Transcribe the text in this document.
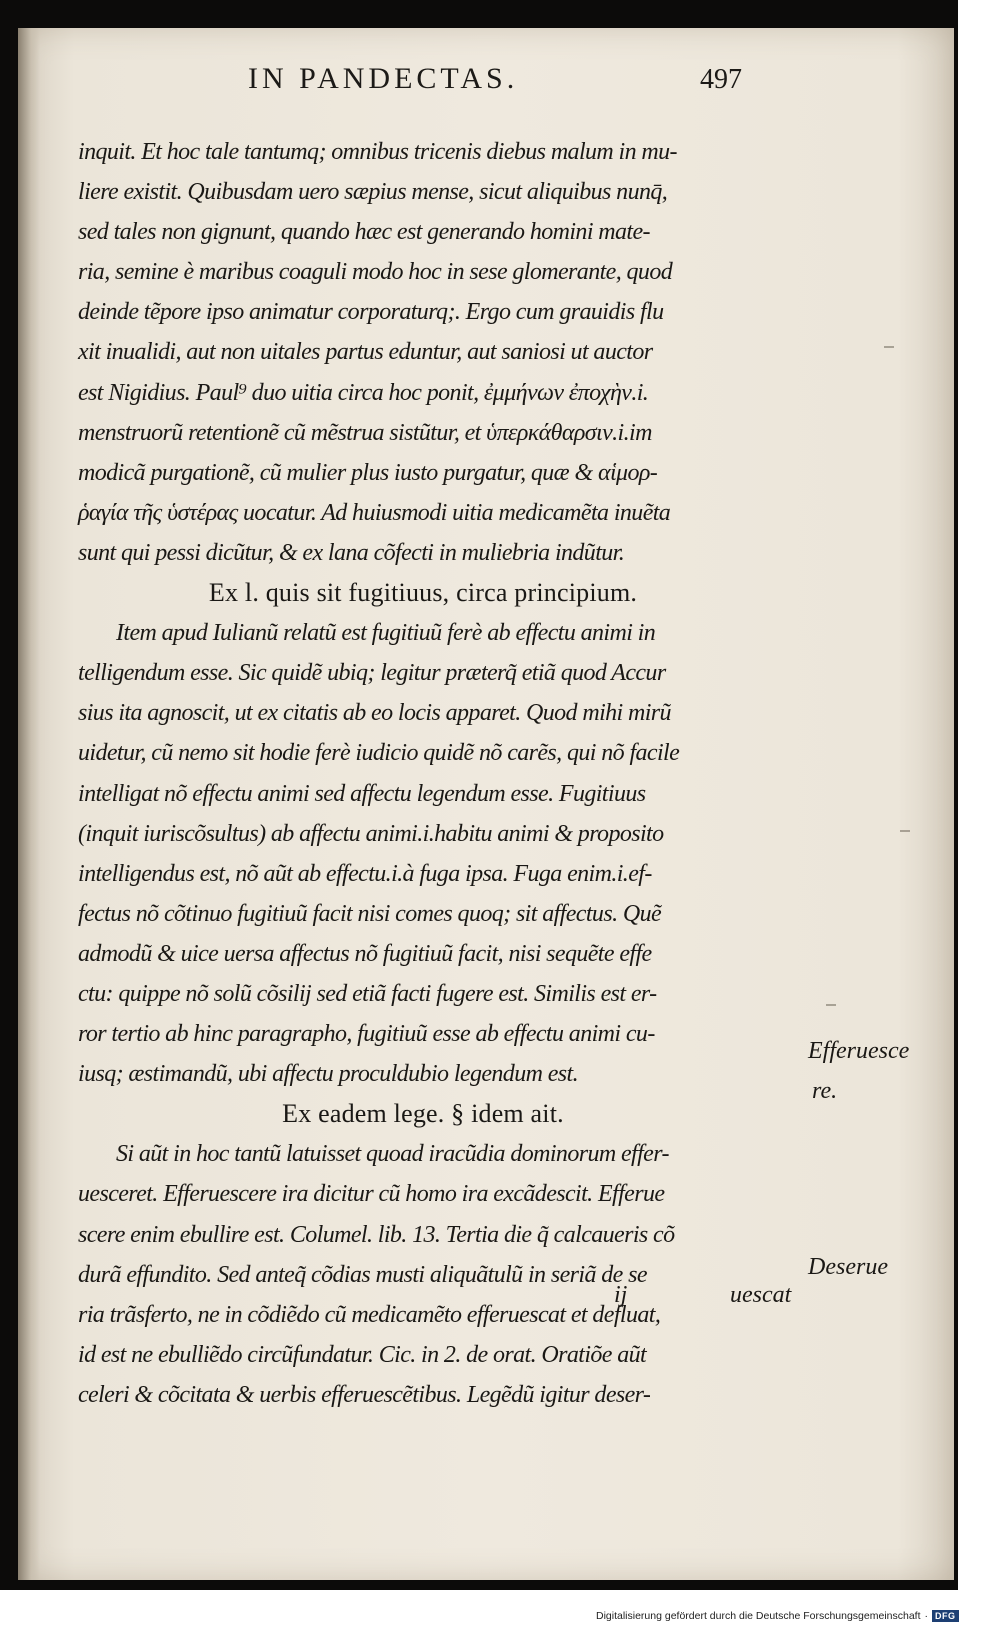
IN PANDECTAS.	497
inquit. Et hoc tale tantumq; omnibus tricenis diebus malum in mu-
liere existit. Quibusdam uero sæpius mense, sicut aliquibus nunq̄,
sed tales non gignunt, quando hæc est generando homini mate-
ria, semine è maribus coaguli modo hoc in sese glomerante, quod
deinde tẽpore ipso animatur corporaturq;. Ergo cum grauidis flu
xit inualidi, aut non uitales partus eduntur, aut saniosi ut auctor
est Nigidius. Paul⁹ duo uitia circa hoc ponit, ἐμμήνων ἐποχὴν.i.
menstruorũ retentionẽ cũ mẽstrua sistũtur, et ὑπερκάθαρσιν.i.im
modicã purgationẽ, cũ mulier plus iusto purgatur, quæ & αἱμορ-
ῥαγία τῆς ὑστέρας uocatur. Ad huiusmodi uitia medicamẽta inuẽta
sunt qui pessi dicũtur, & ex lana cõfecti in muliebria indũtur.
Ex l. quis sit fugitiuus, circa principium.
Item apud Iulianũ relatũ est fugitiuũ ferè ab effectu animi in
telligendum esse. Sic quidẽ ubiq; legitur præterq̃ etiã quod Accur
sius ita agnoscit, ut ex citatis ab eo locis apparet. Quod mihi mirũ
uidetur, cũ nemo sit hodie ferè iudicio quidẽ nõ carẽs, qui nõ facile
intelligat nõ effectu animi sed affectu legendum esse. Fugitiuus
(inquit iuriscõsultus) ab affectu animi.i.habitu animi & proposito
intelligendus est, nõ aũt ab effectu.i.à fuga ipsa. Fuga enim.i.ef-
fectus nõ cõtinuo fugitiuũ facit nisi comes quoq; sit affectus. Quẽ
admodũ & uice uersa affectus nõ fugitiuũ facit, nisi sequẽte effe
ctu: quippe nõ solũ cõsilij sed etiã facti fugere est. Similis est er-
ror tertio ab hinc paragrapho, fugitiuũ esse ab effectu animi cu-
iusq; æstimandũ, ubi affectu proculdubio legendum est.
Ex eadem lege. § idem ait.
Si aũt in hoc tantũ latuisset quoad iracũdia dominorum effer-
uesceret. Efferuescere ira dicitur cũ homo ira excãdescit. Efferue
scere enim ebullire est. Columel. lib. 13. Tertia die q̃ calcaueris cõ
durã effundito. Sed anteq̃ cõdias musti aliquãtulũ in seriã de se
ria trãsferto, ne in cõdiẽdo cũ medicamẽto efferuescat et defluat,
id est ne ebulliẽdo circũfundatur. Cic. in 2. de orat. Oratiõe aũt
celeri & cõcitata & uerbis efferuescẽtibus. Legẽdũ igitur deser-
ij	uescat
Efferuesce
re.
Deserue
Digitalisierung gefördert durch die Deutsche Forschungsgemeinschaft · DFG
